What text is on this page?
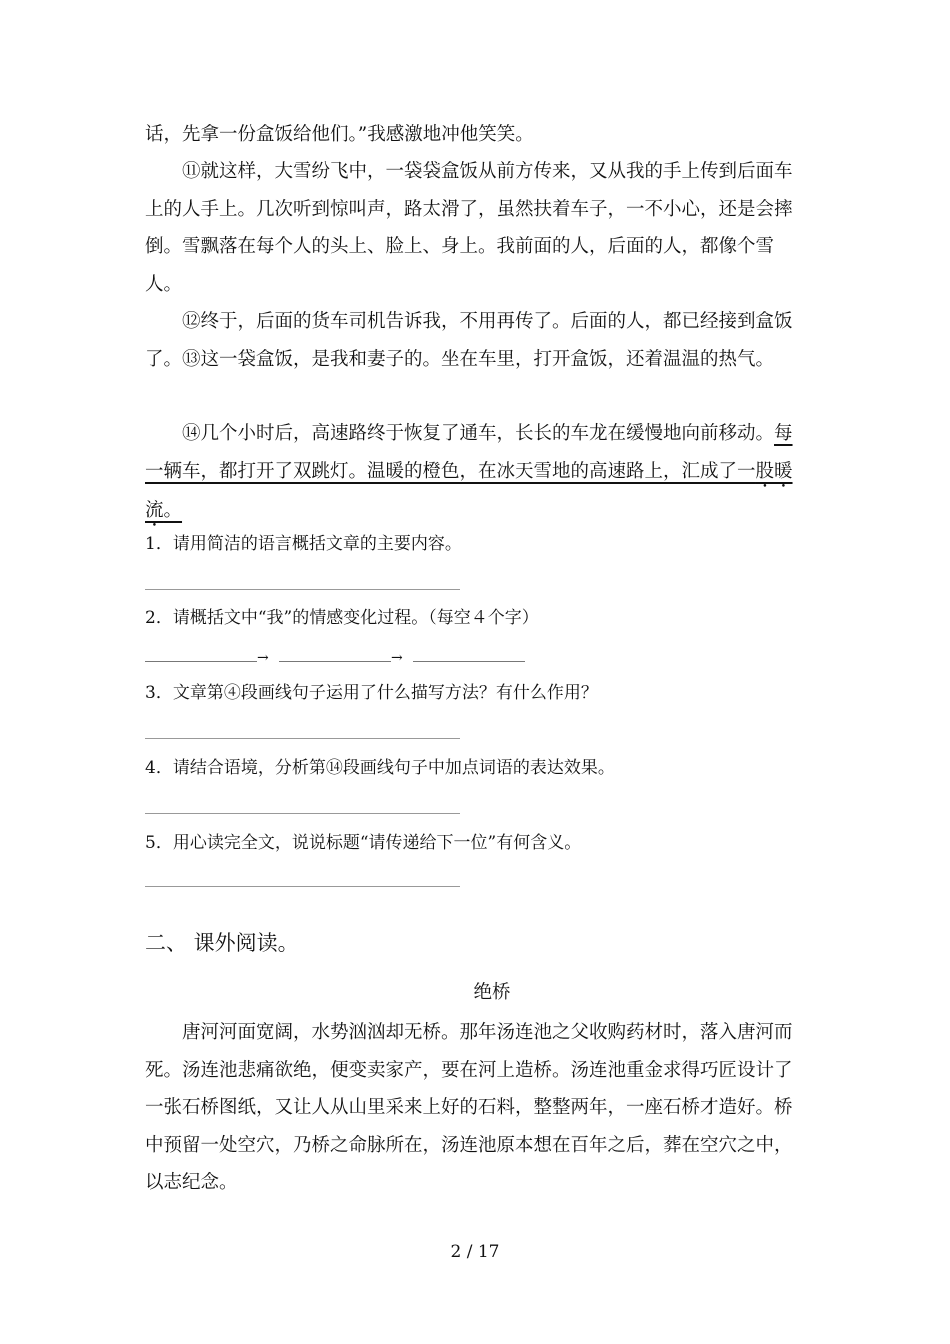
话，先拿一份盒饭给他们。”我感激地冲他笑笑。
⑪就这样，大雪纷飞中，一袋袋盒饭从前方传来，又从我的手上传到后面车上的人手上。几次听到惊叫声，路太滑了，虽然扶着车子，一不小心，还是会摔倒。雪飘落在每个人的头上、脸上、身上。我前面的人，后面的人，都像个雪人。
⑫终于，后面的货车司机告诉我，不用再传了。后面的人，都已经接到盒饭了。⑬这一袋盒饭，是我和妻子的。坐在车里，打开盒饭，还着温温的热气。
⑭几个小时后，高速路终于恢复了通车，长长的车龙在缓慢地向前移动。每一辆车，都打开了双跳灯。温暖的橙色，在冰天雪地的高速路上，汇成了一股暖流。
1．请用简洁的语言概括文章的主要内容。
2．请概括文中“我”的情感变化过程。（每空４个字）
→	→
3．文章第④段画线句子运用了什么描写方法？有什么作用？
4．请结合语境，分析第⑭段画线句子中加点词语的表达效果。
5．用心读完全文，说说标题“请传递给下一位”有何含义。
二、 课外阅读。
绝桥
唐河河面宽阔，水势汹汹却无桥。那年汤连池之父收购药材时，落入唐河而死。汤连池悲痛欲绝，便变卖家产，要在河上造桥。汤连池重金求得巧匠设计了一张石桥图纸，又让人从山里采来上好的石料，整整两年，一座石桥才造好。桥中预留一处空穴，乃桥之命脉所在，汤连池原本想在百年之后，葬在空穴之中，以志纪念。
2 / 17
